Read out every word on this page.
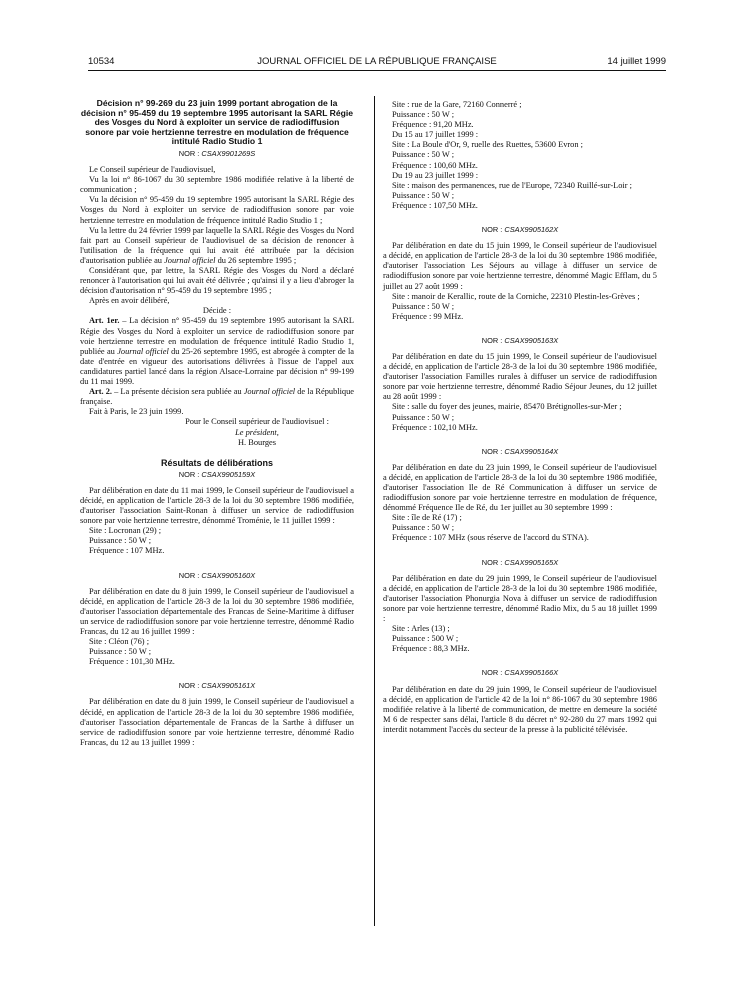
10534	JOURNAL OFFICIEL DE LA RÉPUBLIQUE FRANÇAISE	14 juillet 1999

Décision n° 99-269 du 23 juin 1999 portant abrogation de la décision n° 95-459 du 19 septembre 1995 autorisant la SARL Régie des Vosges du Nord à exploiter un service de radiodiffusion sonore par voie hertzienne terrestre en modulation de fréquence intitulé Radio Studio 1

NOR : CSAX9901269S

Le Conseil supérieur de l'audiovisuel,

Vu la loi n° 86-1067 du 30 septembre 1986 modifiée relative à la liberté de communication ;

Vu la décision n° 95-459 du 19 septembre 1995 autorisant la SARL Régie des Vosges du Nord à exploiter un service de radiodiffusion sonore par voie hertzienne terrestre en modulation de fréquence intitulé Radio Studio 1 ;

Vu la lettre du 24 février 1999 par laquelle la SARL Régie des Vosges du Nord fait part au Conseil supérieur de l'audiovisuel de sa décision de renoncer à l'utilisation de la fréquence qui lui avait été attribuée par la décision d'autorisation publiée au Journal officiel du 26 septembre 1995 ;

Considérant que, par lettre, la SARL Régie des Vosges du Nord a déclaré renoncer à l'autorisation qui lui avait été délivrée ; qu'ainsi il y a lieu d'abroger la décision d'autorisation n° 95-459 du 19 septembre 1995 ;

Après en avoir délibéré,

Décide :

Art. 1er. – La décision n° 95-459 du 19 septembre 1995 autorisant la SARL Régie des Vosges du Nord à exploiter un service de radiodiffusion sonore par voie hertzienne terrestre en modulation de fréquence intitulé Radio Studio 1, publiée au Journal officiel du 25-26 septembre 1995, est abrogée à compter de la date d'entrée en vigueur des autorisations délivrées à l'issue de l'appel aux candidatures partiel lancé dans la région Alsace-Lorraine par décision n° 99-199 du 11 mai 1999.

Art. 2. – La présente décision sera publiée au Journal officiel de la République française.

Fait à Paris, le 23 juin 1999.

Pour le Conseil supérieur de l'audiovisuel :

Le président,

H. Bourges

Résultats de délibérations

NOR : CSAX9905159X

Par délibération en date du 11 mai 1999, le Conseil supérieur de l'audiovisuel a décidé, en application de l'article 28-3 de la loi du 30 septembre 1986 modifiée, d'autoriser l'association Saint-Ronan à diffuser un service de radiodiffusion sonore par voie hertzienne terrestre, dénommé Troménie, le 11 juillet 1999 :

Site : Locronan (29) ;

Puissance : 50 W ;

Fréquence : 107 MHz.

NOR : CSAX9905160X

Par délibération en date du 8 juin 1999, le Conseil supérieur de l'audiovisuel a décidé, en application de l'article 28-3 de la loi du 30 septembre 1986 modifiée, d'autoriser l'association départementale des Francas de Seine-Maritime à diffuser un service de radiodiffusion sonore par voie hertzienne terrestre, dénommé Radio Francas, du 12 au 16 juillet 1999 :

Site : Cléon (76) ;

Puissance : 50 W ;

Fréquence : 101,30 MHz.

NOR : CSAX9905161X

Par délibération en date du 8 juin 1999, le Conseil supérieur de l'audiovisuel a décidé, en application de l'article 28-3 de la loi du 30 septembre 1986 modifiée, d'autoriser l'association départementale de Francas de la Sarthe à diffuser un service de radiodiffusion sonore par voie hertzienne terrestre, dénommé Radio Francas, du 12 au 13 juillet 1999 :

Site : rue de la Gare, 72160 Connerré ;

Puissance : 50 W ;

Fréquence : 91,20 MHz.

Du 15 au 17 juillet 1999 :

Site : La Boule d'Or, 9, ruelle des Ruettes, 53600 Evron ;

Puissance : 50 W ;

Fréquence : 100,60 MHz.

Du 19 au 23 juillet 1999 :

Site : maison des permanences, rue de l'Europe, 72340 Ruillé-sur-Loir ;

Puissance : 50 W ;

Fréquence : 107,50 MHz.

NOR : CSAX9905162X

Par délibération en date du 15 juin 1999, le Conseil supérieur de l'audiovisuel a décidé, en application de l'article 28-3 de la loi du 30 septembre 1986 modifiée, d'autoriser l'association Les Séjours au village à diffuser un service de radiodiffusion sonore par voie hertzienne terrestre, dénommé Magic Efflam, du 5 juillet au 27 août 1999 :

Site : manoir de Kerallic, route de la Corniche, 22310 Plestin-les-Grèves ;

Puissance : 50 W ;

Fréquence : 99 MHz.

NOR : CSAX9905163X

Par délibération en date du 15 juin 1999, le Conseil supérieur de l'audiovisuel a décidé, en application de l'article 28-3 de la loi du 30 septembre 1986 modifiée, d'autoriser l'association Familles rurales à diffuser un service de radiodiffusion sonore par voie hertzienne terrestre, dénommé Radio Séjour Jeunes, du 12 juillet au 28 août 1999 :

Site : salle du foyer des jeunes, mairie, 85470 Brétignolles-sur-Mer ;

Puissance : 50 W ;

Fréquence : 102,10 MHz.

NOR : CSAX9905164X

Par délibération en date du 23 juin 1999, le Conseil supérieur de l'audiovisuel a décidé, en application de l'article 28-3 de la loi du 30 septembre 1986 modifiée, d'autoriser l'association Ile de Ré Communication à diffuser un service de radiodiffusion sonore par voie hertzienne terrestre en modulation de fréquence, dénommé Fréquence Ile de Ré, du 1er juillet au 30 septembre 1999 :

Site : île de Ré (17) ;

Puissance : 50 W ;

Fréquence : 107 MHz (sous réserve de l'accord du STNA).

NOR : CSAX9905165X

Par délibération en date du 29 juin 1999, le Conseil supérieur de l'audiovisuel a décidé, en application de l'article 28-3 de la loi du 30 septembre 1986 modifiée, d'autoriser l'association Phonurgia Nova à diffuser un service de radiodiffusion sonore par voie hertzienne terrestre, dénommé Radio Mix, du 5 au 18 juillet 1999 :

Site : Arles (13) ;

Puissance : 500 W ;

Fréquence : 88,3 MHz.

NOR : CSAX9905166X

Par délibération en date du 29 juin 1999, le Conseil supérieur de l'audiovisuel a décidé, en application de l'article 42 de la loi n° 86-1067 du 30 septembre 1986 modifiée relative à la liberté de communication, de mettre en demeure la société M 6 de respecter sans délai, l'article 8 du décret n° 92-280 du 27 mars 1992 qui interdit notamment l'accès du secteur de la presse à la publicité télévisée.
